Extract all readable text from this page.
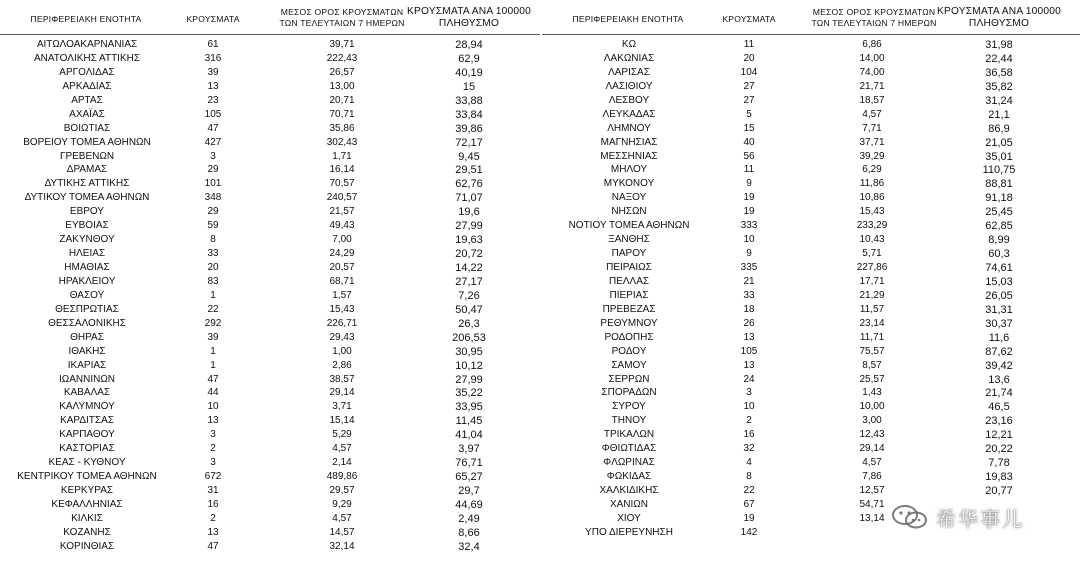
ΠΕΡΙΦΕΡΕΙΑΚΗ ΕΝΟΤΗΤΑ	ΚΡΟΥΣΜΑΤΑ
ΜΕΣΟΣ ΟΡΟΣ ΚΡΟΥΣΜΑΤΩΝ
ΤΩΝ ΤΕΛΕΥΤΑΙΩΝ 7 ΗΜΕΡΩΝ
ΚΡΟΥΣΜΑΤΑ ΑΝΑ 100000
ΠΛΗΘΥΣΜΟ
ΑΙΤΩΛΟΑΚΑΡΝΑΝΙΑΣ	61	39,71	28,94
ΑΝΑΤΟΛΙΚΗΣ ΑΤΤΙΚΗΣ	316	222,43	62,9
ΑΡΓΟΛΙΔΑΣ	39	26,57	40,19
ΑΡΚΑΔΙΑΣ	13	13,00	15
ΑΡΤΑΣ	23	20,71	33,88
ΑΧΑΪΑΣ	105	70,71	33,84
ΒΟΙΩΤΙΑΣ	47	35,86	39,86
ΒΟΡΕΙΟΥ ΤΟΜΕΑ ΑΘΗΝΩΝ	427	302,43	72,17
ΓΡΕΒΕΝΩΝ	3	1,71	9,45
ΔΡΑΜΑΣ	29	16,14	29,51
ΔΥΤΙΚΗΣ ΑΤΤΙΚΗΣ	101	70,57	62,76
ΔΥΤΙΚΟΥ ΤΟΜΕΑ ΑΘΗΝΩΝ	348	240,57	71,07
ΕΒΡΟΥ	29	21,57	19,6
ΕΥΒΟΙΑΣ	59	49,43	27,99
ΖΑΚΥΝΘΟΥ	8	7,00	19,63
ΗΛΕΙΑΣ	33	24,29	20,72
ΗΜΑΘΙΑΣ	20	20,57	14,22
ΗΡΑΚΛΕΙΟΥ	83	68,71	27,17
ΘΑΣΟΥ	1	1,57	7,26
ΘΕΣΠΡΩΤΙΑΣ	22	15,43	50,47
ΘΕΣΣΑΛΟΝΙΚΗΣ	292	226,71	26,3
ΘΗΡΑΣ	39	29,43	206,53
ΙΘΑΚΗΣ	1	1,00	30,95
ΙΚΑΡΙΑΣ	1	2,86	10,12
ΙΩΑΝΝΙΝΩΝ	47	38,57	27,99
ΚΑΒΑΛΑΣ	44	29,14	35,22
ΚΑΛΥΜΝΟΥ	10	3,71	33,95
ΚΑΡΔΙΤΣΑΣ	13	15,14	11,45
ΚΑΡΠΑΘΟΥ	3	5,29	41,04
ΚΑΣΤΟΡΙΑΣ	2	4,57	3,97
ΚΕΑΣ - ΚΥΘΝΟΥ	3	2,14	76,71
ΚΕΝΤΡΙΚΟΥ ΤΟΜΕΑ ΑΘΗΝΩΝ	672	489,86	65,27
ΚΕΡΚΥΡΑΣ	31	29,57	29,7
ΚΕΦΑΛΛΗΝΙΑΣ	16	9,29	44,69
ΚΙΛΚΙΣ	2	4,57	2,49
ΚΟΖΑΝΗΣ	13	14,57	8,66
ΚΟΡΙΝΘΙΑΣ	47	32,14	32,4
ΠΕΡΙΦΕΡΕΙΑΚΗ ΕΝΟΤΗΤΑ	ΚΡΟΥΣΜΑΤΑ
ΜΕΣΟΣ ΟΡΟΣ ΚΡΟΥΣΜΑΤΩΝ
ΤΩΝ ΤΕΛΕΥΤΑΙΩΝ 7 ΗΜΕΡΩΝ
ΚΡΟΥΣΜΑΤΑ ΑΝΑ 100000
ΠΛΗΘΥΣΜΟ
ΚΩ	11	6,86	31,98
ΛΑΚΩΝΙΑΣ	20	14,00	22,44
ΛΑΡΙΣΑΣ	104	74,00	36,58
ΛΑΣΙΘΙΟΥ	27	21,71	35,82
ΛΕΣΒΟΥ	27	18,57	31,24
ΛΕΥΚΑΔΑΣ	5	4,57	21,1
ΛΗΜΝΟΥ	15	7,71	86,9
ΜΑΓΝΗΣΙΑΣ	40	37,71	21,05
ΜΕΣΣΗΝΙΑΣ	56	39,29	35,01
ΜΗΛΟΥ	11	6,29	110,75
ΜΥΚΟΝΟΥ	9	11,86	88,81
ΝΑΞΟΥ	19	10,86	91,18
ΝΗΣΩΝ	19	15,43	25,45
ΝΟΤΙΟΥ ΤΟΜΕΑ ΑΘΗΝΩΝ	333	233,29	62,85
ΞΑΝΘΗΣ	10	10,43	8,99
ΠΑΡΟΥ	9	5,71	60,3
ΠΕΙΡΑΙΩΣ	335	227,86	74,61
ΠΕΛΛΑΣ	21	17,71	15,03
ΠΙΕΡΙΑΣ	33	21,29	26,05
ΠΡΕΒΕΖΑΣ	18	11,57	31,31
ΡΕΘΥΜΝΟΥ	26	23,14	30,37
ΡΟΔΟΠΗΣ	13	11,71	11,6
ΡΟΔΟΥ	105	75,57	87,62
ΣΑΜΟΥ	13	8,57	39,42
ΣΕΡΡΩΝ	24	25,57	13,6
ΣΠΟΡΑΔΩΝ	3	1,43	21,74
ΣΥΡΟΥ	10	10,00	46,5
ΤΗΝΟΥ	2	3,00	23,16
ΤΡΙΚΑΛΩΝ	16	12,43	12,21
ΦΘΙΩΤΙΔΑΣ	32	29,14	20,22
ΦΛΩΡΙΝΑΣ	4	4,57	7,78
ΦΩΚΙΔΑΣ	8	7,86	19,83
ΧΑΛΚΙΔΙΚΗΣ	22	12,57	20,77
ΧΑΝΙΩΝ	67	54,71
ΧΙΟΥ	19	13,14
ΥΠΟ ΔΙΕΡΕΥΝΗΣΗ	142
希华事儿
